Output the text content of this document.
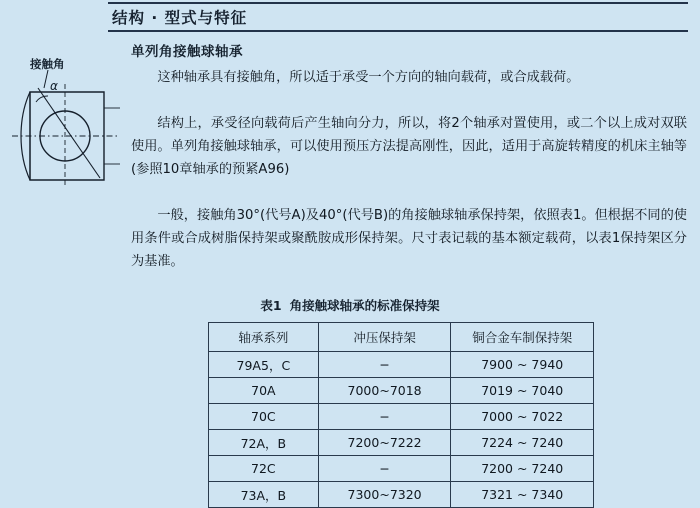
结构 · 型式与特征
接触角
α
单列角接触球轴承
这种轴承具有接触角，所以适于承受一个方向的轴向载荷，或合成载荷。
结构上，承受径向载荷后产生轴向分力，所以，将2个轴承对置使用，或二个以上成对双联使用。单列角接触球轴承，可以使用预压方法提高刚性，因此，适用于高旋转精度的机床主轴等(参照10章轴承的预紧A96)
一般，接触角30°(代号A)及40°(代号B)的角接触球轴承保持架，依照表1。但根据不同的使用条件或合成树脂保持架或聚酰胺成形保持架。尺寸表记载的基本额定载荷，以表1保持架区分为基准。
表1 角接触球轴承的标准保持架
轴承系列	冲压保持架	铜合金车制保持架
79A5，C	−	7900 ~ 7940
70A	7000~7018	7019 ~ 7040
70C	−	7000 ~ 7022
72A，B	7200~7222	7224 ~ 7240
72C	−	7200 ~ 7240
73A，B	7300~7320	7321 ~ 7340
